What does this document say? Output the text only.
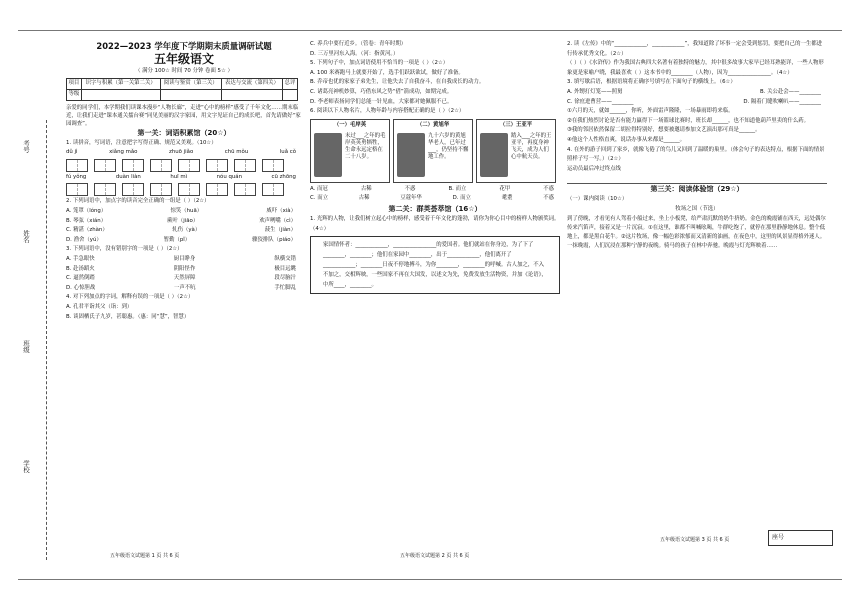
考号
姓名
班级
学校
2022—2023 学年度下学期期末质量调研试题
五年级语文
（ 满分 100☆ 时间 70 分钟 卷面 5☆ ）
项目	识字与积累（第一关第二关）	阅读与鉴赏（第三关）	表达与交流（第四关）	总评
等级				
亲爱的同学们，本学期我们读课本漫步“人物长廊”，走进“心中的榜样”感受了千年文化……期末临近，让我们走进“课本通关擂台赛”同见美丽的汉字家园，用文字见证自己的成长吧，首先请做好“家园调查”。
第一关：词语积累馆（20☆）
1. 读拼音，写词语，注意把字写得正确、规范又美观。（10☆）
dǔ jì	xiǎng mǎo	zhuō jiǎo	chū mǒu	luǎ cǒ
fú yǒng	duàn liàn	huī mì	nóu quán	cū zhōng
2. 下列词语中，加点字的读音完全正确的一组是（ ）（2☆）
A. 笼罩（lóng）	惊笑（huā）	威吓（xià）
B. 琴弦（xián）	蕨叶（jiāo）	欢声咧嘴（cì）
C. 精湛（zhàn）	轧伤（yà）	菠生（jiàn）
D. 渔舍（yú）	暂勤（pǐ）	骤狡排队（piáo）
3. 下列词语中，没有错别字的一项是（ ）（2☆）
A. 手急眼快	厨目睁身	纵横交错
B. 赴汤蹈火	阴阳怪作	极目远眺
C. 逼然倒踏	天然屏障	段尽脑汁
D. 心惊胆战	一声不吭	手忙脚乱
4. 对下列加点的字词，解释有误的一项是（ ）（2☆）
A. 孔君平诣其父（诣：到）
B. 谈固栖氏子九岁，甚聪惠。（惠：同“慧”，智慧）
五年级语文试题第 1 页 共 6 页
C. 养兵中要行近乡。（管卷：青年时期）
D. 三万里河东入海。（河：指黄河。）
5. 下列句子中，加点词语使用不恰当的一项是（ ）（2☆）
A. 100 米赛跑马上就要开始了，选手们跃跃欲试，做好了准备。
B. 乔帝也优的家家子弟先生，让他失去了自我奋斗，在自我成长的动力。
C. 诸葛亮神机妙算，巧借东风之势“借”箭成功，如期完成。
D. 李老师表扬同学们总能一针见血，大家都对她佩服不已。
6. 阅读以下人物名片，人物年龄与内容搭配正确的是（ ）（2☆）
（一）毛岸英
末过___之年的毛岸英英勇牺牲，生命永远定格在二十八岁。
（二）黄旭华
九十六岁的黄旭华老人，已年过___，仍坚持不懈地工作。
（三）王亚平
踏入___之年的王亚平，再度身神飞天，成为人们心中航天员。
A. 而冠	古稀	不惑	B. 而立	花甲	不惑
C. 而立	古稀	豆蔻年华	D. 而立	耄耋	不惑
第二关：群英荟萃馆（16☆）
1. 光辉的人物，让我们树立起心中的榜样，感受着千年文化的蓬勃，请你为你心目中的榜样人物颁奖词。（4☆）
家国情怀者：____________，________________的爱国者。他们就站在你身边，为了下了________，________；他们在家园中________，出于____________，他们离开了____________；________日夜不停地搏斗，为你________，________的呼喊。古人加之，不入不加之，交相辉映，一些国家不再在大国发，以述文为先，免费发放生活物资，并加《论语》，中所____，________。
五年级语文试题第 2 页 共 6 页
2. 读《左传》中的“____________，____________”，我知道除了坏事一定会受到惩罚，要把自己的一生都进行传承优秀文化。（2☆）
（ ）（ ）《水浒传》作为我国古典四大名著有着独特的魅力，其中很多故事大家早已经耳熟能详，一些人物形象更是家喻户晓，我最喜欢（ ）这本书中的________（人物），因为________________。（4☆）
3. 填写歇后语，根据语境将正确序号填写在下面句子的横线上。（6☆）
A. 外甥打灯笼——照舅	B. 关公赴会——________
C. 徐庶进曹营——________	D. 隔着门缝吹喇叭——________
①六月的天，就如______，你听，外面雷声隆隆，一场暴雨即将来临。
②在我们热烈讨论是否有能力赢得下一场篮球比赛时，班长却______，也不知道他葫芦里卖的什么药。
③我的邻居依然保留二胡拉得特别好，想要被邀请参加文艺演出那可真是______。
④他这个人性格直爽，说话办事从来都是______。
4. 在外的游子回到了家乡，就像飞倦了的鸟儿又回到了温暖的巢里。（体会句子的表达特点，根据下面的情景照样子写一写。）（2☆）
运动员最后冲过终点线
第三关：阅读体验馆（29☆）
（一）课内阅读（10☆）
牧场之国（节选）
到了傍晚，才看见有人驾着小船过来，坐上小板凳，给严肃沉默的奶牛挤奶。金色的晚霞铺在西天，远处偶尔传来汽笛声，接着又是一片沉寂。①在这里，谁都不叫喊吆喝，牛群吃饱了，就停在那里静静地休息。整个低地上，都是黑白花牛。②这片牧场，像一幅色彩浓郁而又清新的油画，在夜色中，这里的风景显得格外迷人。一抹晚霞，人们沉浸在那种宁静的夜晚。骑马的孩子在林中奔驰。晚霞与灯光辉映着……
五年级语文试题第 3 页 共 6 页	座号
